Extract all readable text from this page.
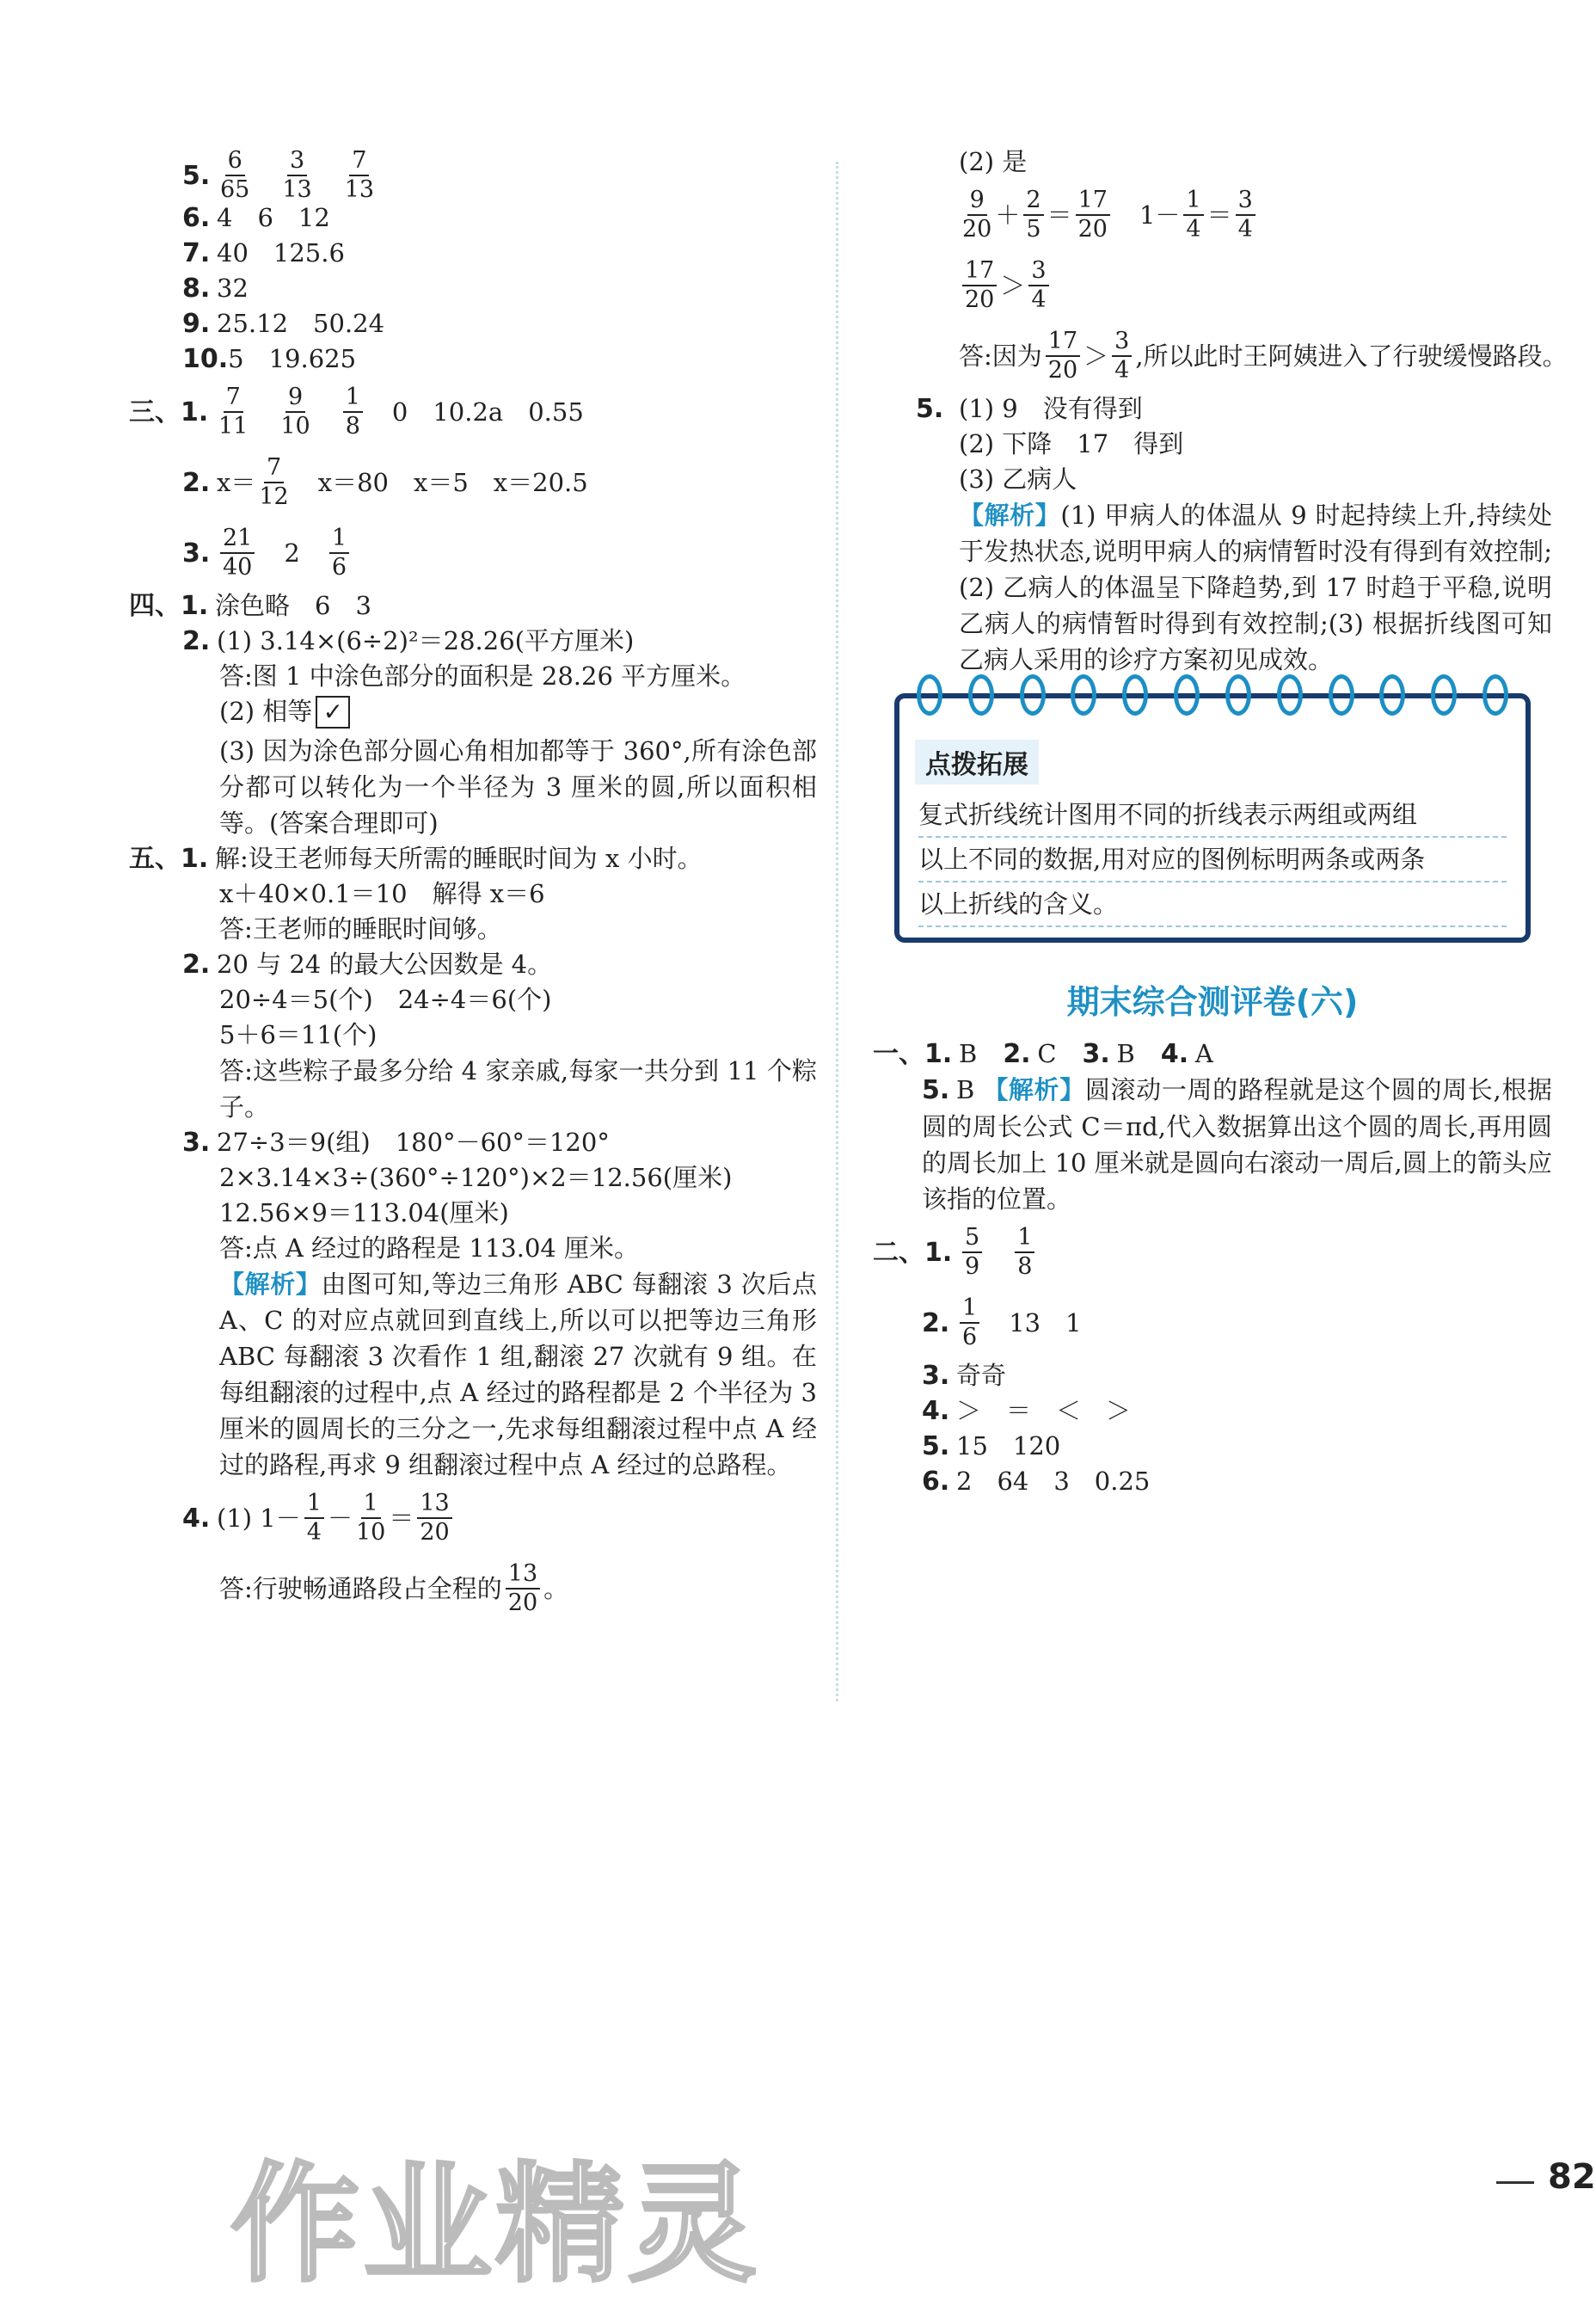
5. $\frac{6}{65} \frac{3}{13} \frac{7}{13}$
6. 4　6　12
7. 40　125.6
8. 32
9. 25.12　50.24
10. 5　19.625
三、 1. $\frac{7}{11} \frac{9}{10} \frac{1}{8} 0$　10.2a　0.55
2. $x= \frac{7}{12} x=80$　x＝5　x＝20.5
3. $\frac{21}{40} 2 \frac{1}{6}$
四、 1. 涂色略　6　3
2. (1) 3.14×(6÷2)²＝28.26(平方厘米)
答:图 1 中涂色部分的面积是 28.26 平方厘米。
(2) 相等 ✓
(3) 因为涂色部分圆心角相加都等于 360°,所有涂色部分都可以转化为一个半径为 3 厘米的圆,所以面积相等。(答案合理即可)
五、 1. 解:设王老师每天所需的睡眠时间为 x 小时。
x＋40×0.1＝10　解得 x＝6
答:王老师的睡眠时间够。
2. 20 与 24 的最大公因数是 4。
20÷4＝5(个)　24÷4＝6(个)
5＋6＝11(个)
答:这些粽子最多分给 4 家亲戚,每家一共分到 11 个粽子。
3. 27÷3＝9(组)　180°－60°＝120°
2×3.14×3÷(360°÷120°)×2＝12.56(厘米)
12.56×9＝113.04(厘米)
答:点 A 经过的路程是 113.04 厘米。
【解析】由图可知,等边三角形 ABC 每翻滚 3 次后点 A、C 的对应点就回到直线上,所以可以把等边三角形 ABC 每翻滚 3 次看作 1 组,翻滚 27 次就有 9 组。在每组翻滚的过程中,点 A 经过的路程都是 2 个半径为 3 厘米的圆周长的三分之一,先求每组翻滚过程中点 A 经过的路程,再求 9 组翻滚过程中点 A 经过的总路程。
4. (1) $1- \frac{1}{4} - \frac{1}{10} = \frac{13}{20}$
答:行驶畅通路段占全程的 $\frac{13}{20}$ 。
(2) 是
$\frac{9}{20} + \frac{2}{5} = \frac{17}{20} 1- \frac{1}{4} = \frac{3}{4}$
$\frac{17}{20} > \frac{3}{4}$
答:因为 $\frac{17}{20} > \frac{3}{4}$ ,所以此时王阿姨进入了行驶缓慢路段。
5. (1) 9　没有得到
(2) 下降　17　得到
(3) 乙病人
【解析】(1) 甲病人的体温从 9 时起持续上升,持续处于发热状态,说明甲病人的病情暂时没有得到有效控制;(2) 乙病人的体温呈下降趋势,到 17 时趋于平稳,说明乙病人的病情暂时得到有效控制;(3) 根据折线图可知乙病人采用的诊疗方案初见成效。
点拨拓展
复式折线统计图用不同的折线表示两组或两组
以上不同的数据,用对应的图例标明两条或两条
以上折线的含义。
期末综合测评卷(六)
一、 1. B 2. C 3. B 4. A
5. B 【解析】圆滚动一周的路程就是这个圆的周长,根据圆的周长公式 C＝πd,代入数据算出这个圆的周长,再用圆的周长加上 10 厘米就是圆向右滚动一周后,圆上的箭头应该指的位置。
二、 1. $\frac{5}{9} \frac{1}{8}$
2. $\frac{1}{6} 13$　1
3. 奇奇
4. ＞　＝　＜　＞
5. 15　120
6. 2　64　3　0.25
作业精灵	82
